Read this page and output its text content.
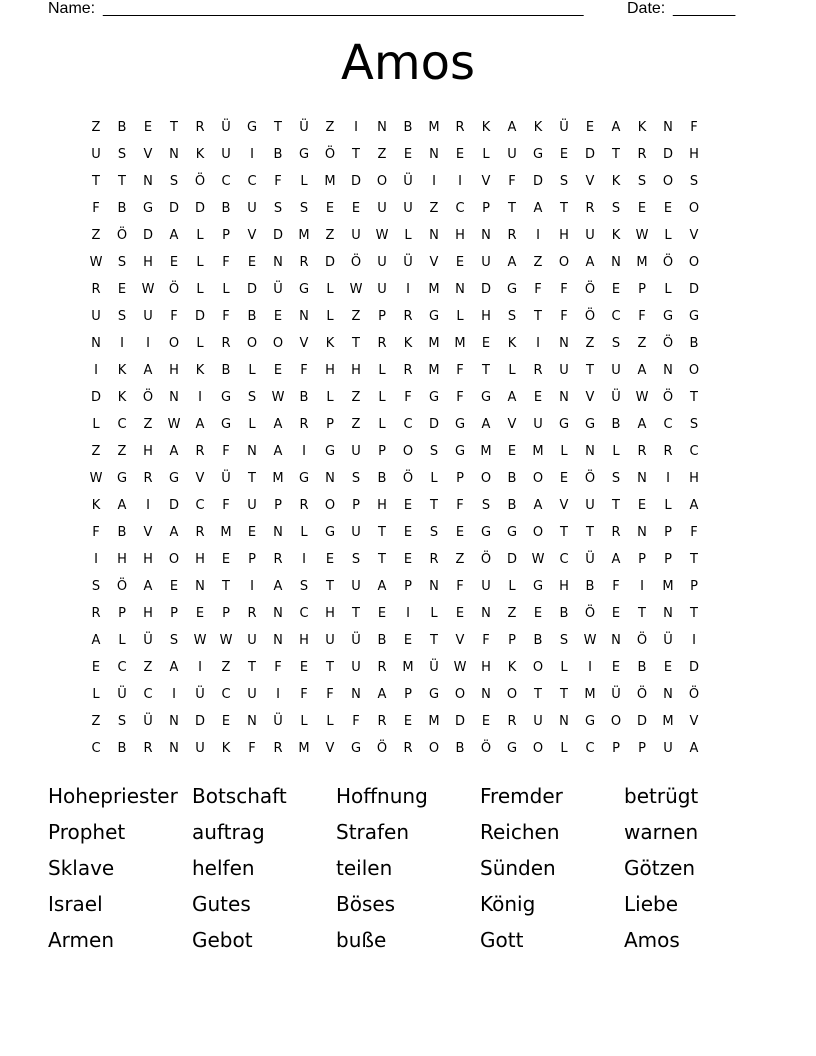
Name: ______________________________________________________	Date: _______
Amos
Z	B	E	T	R	Ü	G	T	Ü	Z	I	N	B	M	R	K	A	K	Ü	E	A	K	N	F
U	S	V	N	K	U	I	B	G	Ö	T	Z	E	N	E	L	U	G	E	D	T	R	D	H
T	T	N	S	Ö	C	C	F	L	M	D	O	Ü	I	I	V	F	D	S	V	K	S	O	S
F	B	G	D	D	B	U	S	S	E	E	U	U	Z	C	P	T	A	T	R	S	E	E	O
Z	Ö	D	A	L	P	V	D	M	Z	U	W	L	N	H	N	R	I	H	U	K	W	L	V
W	S	H	E	L	F	E	N	R	D	Ö	U	Ü	V	E	U	A	Z	O	A	N	M	Ö	O
R	E	W	Ö	L	L	D	Ü	G	L	W	U	I	M	N	D	G	F	F	Ö	E	P	L	D
U	S	U	F	D	F	B	E	N	L	Z	P	R	G	L	H	S	T	F	Ö	C	F	G	G
N	I	I	O	L	R	O	O	V	K	T	R	K	M	M	E	K	I	N	Z	S	Z	Ö	B
I	K	A	H	K	B	L	E	F	H	H	L	R	M	F	T	L	R	U	T	U	A	N	O
D	K	Ö	N	I	G	S	W	B	L	Z	L	F	G	F	G	A	E	N	V	Ü	W	Ö	T
L	C	Z	W	A	G	L	A	R	P	Z	L	C	D	G	A	V	U	G	G	B	A	C	S
Z	Z	H	A	R	F	N	A	I	G	U	P	O	S	G	M	E	M	L	N	L	R	R	C
W	G	R	G	V	Ü	T	M	G	N	S	B	Ö	L	P	O	B	O	E	Ö	S	N	I	H
K	A	I	D	C	F	U	P	R	O	P	H	E	T	F	S	B	A	V	U	T	E	L	A
F	B	V	A	R	M	E	N	L	G	U	T	E	S	E	G	G	O	T	T	R	N	P	F
I	H	H	O	H	E	P	R	I	E	S	T	E	R	Z	Ö	D	W	C	Ü	A	P	P	T
S	Ö	A	E	N	T	I	A	S	T	U	A	P	N	F	U	L	G	H	B	F	I	M	P
R	P	H	P	E	P	R	N	C	H	T	E	I	L	E	N	Z	E	B	Ö	E	T	N	T
A	L	Ü	S	W	W	U	N	H	U	Ü	B	E	T	V	F	P	B	S	W	N	Ö	Ü	I
E	C	Z	A	I	Z	T	F	E	T	U	R	M	Ü	W	H	K	O	L	I	E	B	E	D
L	Ü	C	I	Ü	C	U	I	F	F	N	A	P	G	O	N	O	T	T	M	Ü	Ö	N	Ö
Z	S	Ü	N	D	E	N	Ü	L	L	F	R	E	M	D	E	R	U	N	G	O	D	M	V
C	B	R	N	U	K	F	R	M	V	G	Ö	R	O	B	Ö	G	O	L	C	P	P	U	A
Hohepriester Botschaft	Hoffnung	Fremder	betrügt
Prophet	auftrag	Strafen	Reichen	warnen
Sklave	helfen	teilen	Sünden	Götzen
Israel	Gutes	Böses	König	Liebe
Armen	Gebot	buße	Gott	Amos
